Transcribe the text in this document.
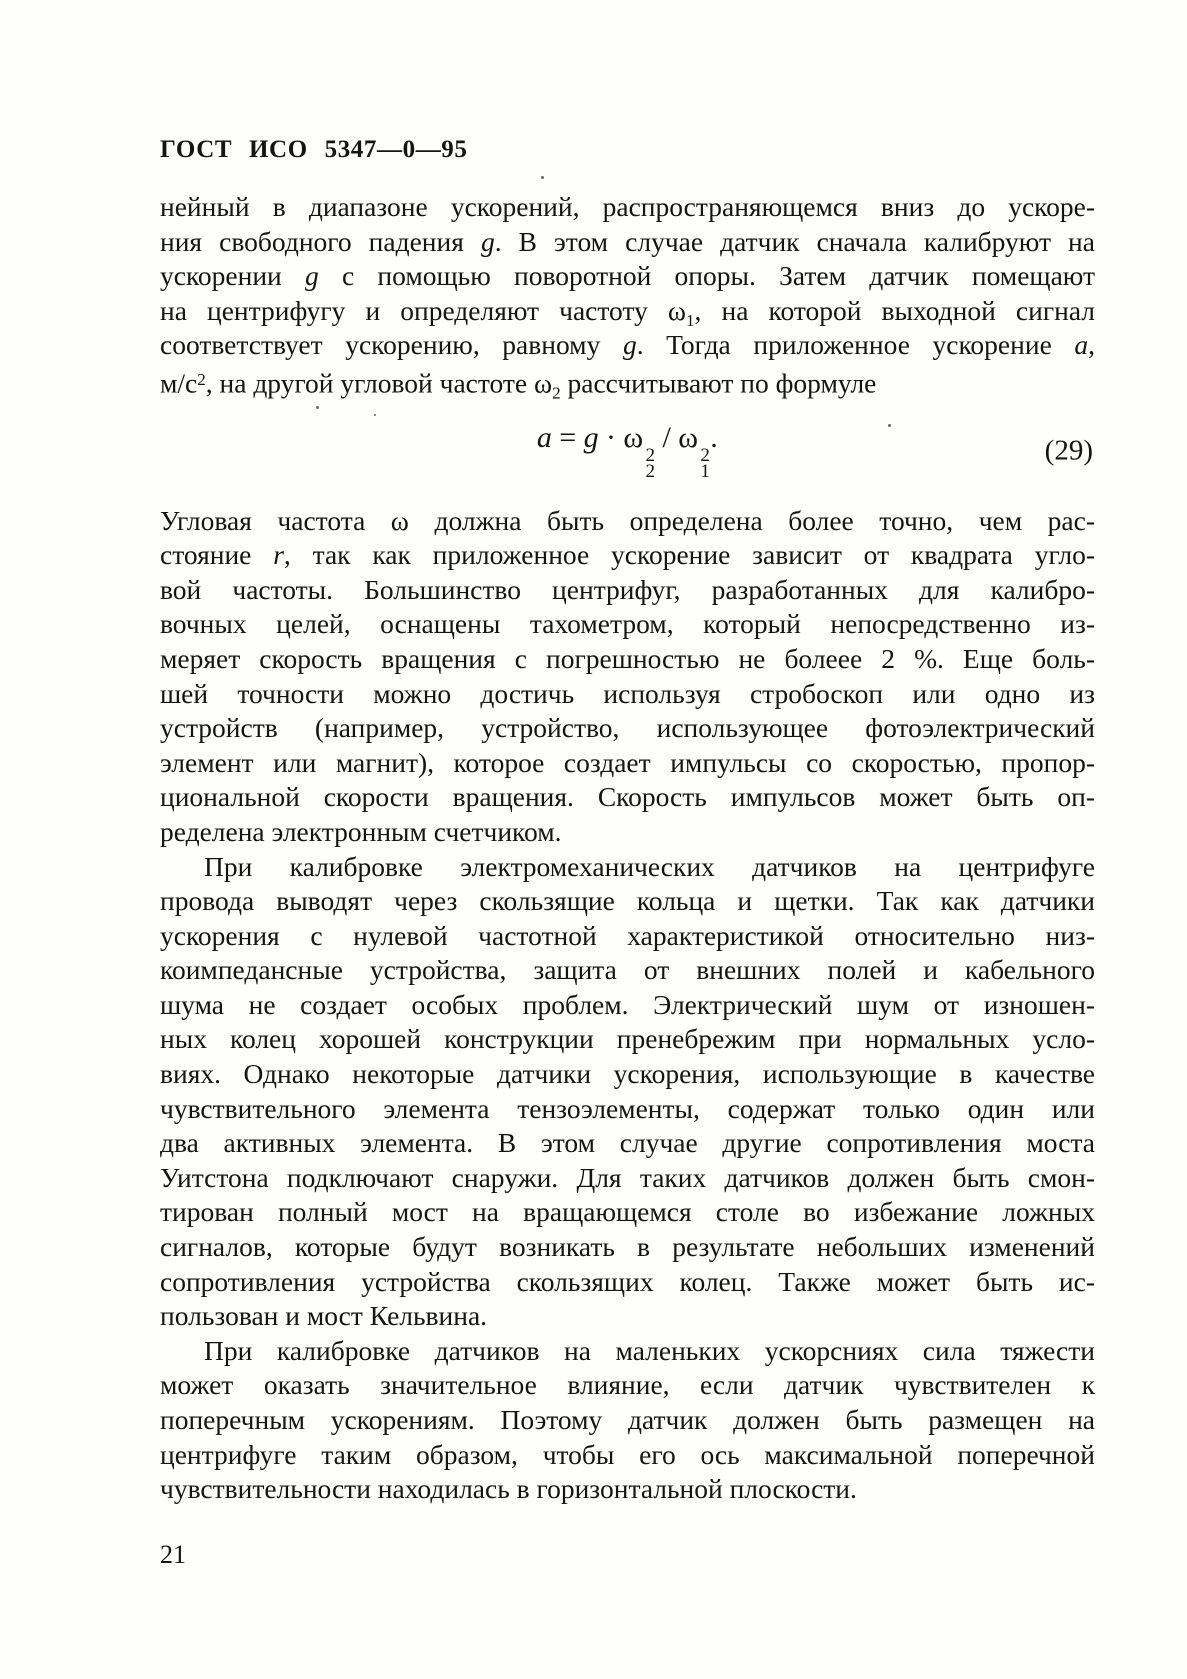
ГОСТ ИСО 5347—0—95
нейный в диапазоне ускорений, распространяющемся вниз до ускоре-
ния свободного падения g. В этом случае датчик сначала калибруют на
ускорении g с помощью поворотной опоры. Затем датчик помещают
на центрифугу и определяют частоту $\omega_1$, на которой выходной сигнал
соответствует ускорению, равному g. Тогда приложенное ускорение a,
$м/с^2$, на другой угловой частоте $\omega_2$ рассчитывают по формуле
a = g · ω
2
2
/ ω
2
1
.	(29)
Угловая частота ω должна быть определена более точно, чем рас-
стояние r, так как приложенное ускорение зависит от квадрата угло-
вой частоты. Большинство центрифуг, разработанных для калибро-
вочных целей, оснащены тахометром, который непосредственно из-
меряет скорость вращения с погрешностью не болеее 2 %. Еще боль-
шей точности можно достичь используя стробоскоп или одно из
устройств (например, устройство, использующее фотоэлектрический
элемент или магнит), которое создает импульсы со скоростью, пропор-
циональной скорости вращения. Скорость импульсов может быть оп-
ределена электронным счетчиком.
При калибровке электромеханических датчиков на центрифуге
провода выводят через скользящие кольца и щетки. Так как датчики
ускорения с нулевой частотной характеристикой относительно низ-
коимпедансные устройства, защита от внешних полей и кабельного
шума не создает особых проблем. Электрический шум от изношен-
ных колец хорошей конструкции пренебрежим при нормальных усло-
виях. Однако некоторые датчики ускорения, использующие в качестве
чувствительного элемента тензоэлементы, содержат только один или
два активных элемента. В этом случае другие сопротивления моста
Уитстона подключают снаружи. Для таких датчиков должен быть смон-
тирован полный мост на вращающемся столе во избежание ложных
сигналов, которые будут возникать в результате небольших изменений
сопротивления устройства скользящих колец. Также может быть ис-
пользован и мост Кельвина.
При калибровке датчиков на маленьких ускорсниях сила тяжести
может оказать значительное влияние, если датчик чувствителен к
поперечным ускорениям. Поэтому датчик должен быть размещен на
центрифуге таким образом, чтобы его ось максимальной поперечной
чувствительности находилась в горизонтальной плоскости.
21
